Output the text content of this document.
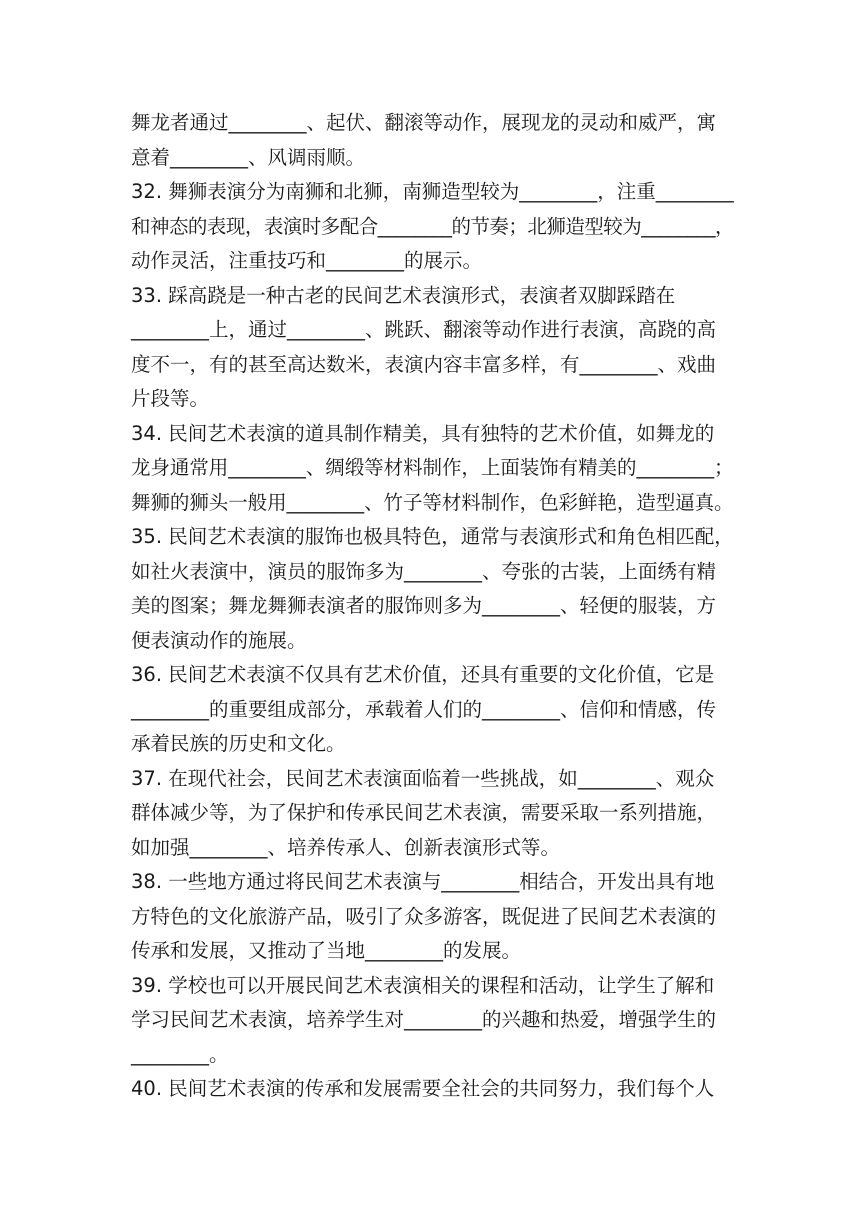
舞龙者通过________、起伏、翻滚等动作，展现龙的灵动和威严，寓
意着________、风调雨顺。
32. 舞狮表演分为南狮和北狮，南狮造型较为________，注重________
和神态的表现，表演时多配合________的节奏；北狮造型较为________，
动作灵活，注重技巧和________的展示。
33. 踩高跷是一种古老的民间艺术表演形式，表演者双脚踩踏在
________上，通过________、跳跃、翻滚等动作进行表演，高跷的高
度不一，有的甚至高达数米，表演内容丰富多样，有________、戏曲
片段等。
34. 民间艺术表演的道具制作精美，具有独特的艺术价值，如舞龙的
龙身通常用________、绸缎等材料制作，上面装饰有精美的________；
舞狮的狮头一般用________、竹子等材料制作，色彩鲜艳，造型逼真。
35. 民间艺术表演的服饰也极具特色，通常与表演形式和角色相匹配，
如社火表演中，演员的服饰多为________、夸张的古装，上面绣有精
美的图案；舞龙舞狮表演者的服饰则多为________、轻便的服装，方
便表演动作的施展。
36. 民间艺术表演不仅具有艺术价值，还具有重要的文化价值，它是
________的重要组成部分，承载着人们的________、信仰和情感，传
承着民族的历史和文化。
37. 在现代社会，民间艺术表演面临着一些挑战，如________、观众
群体减少等，为了保护和传承民间艺术表演，需要采取一系列措施，
如加强________、培养传承人、创新表演形式等。
38. 一些地方通过将民间艺术表演与________相结合，开发出具有地
方特色的文化旅游产品，吸引了众多游客，既促进了民间艺术表演的
传承和发展，又推动了当地________的发展。
39. 学校也可以开展民间艺术表演相关的课程和活动，让学生了解和
学习民间艺术表演，培养学生对________的兴趣和热爱，增强学生的
________。
40. 民间艺术表演的传承和发展需要全社会的共同努力，我们每个人
